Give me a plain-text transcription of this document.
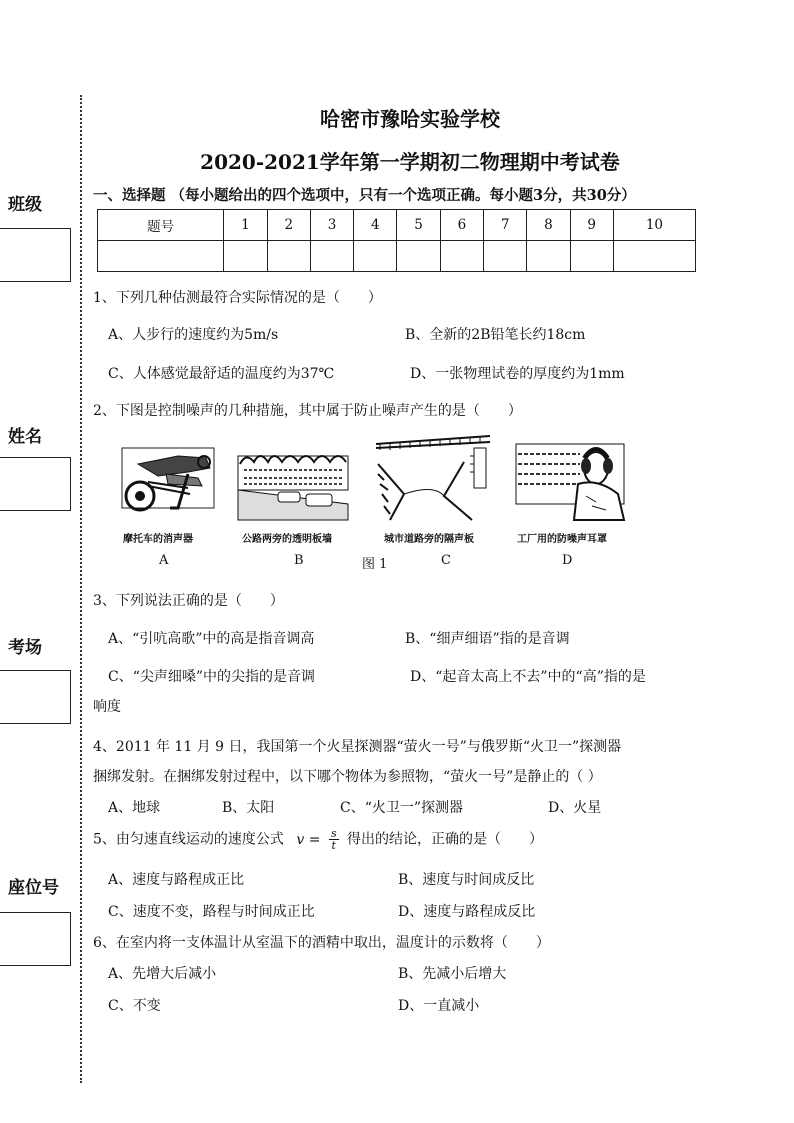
班级
姓名
考场
座位号
哈密市豫哈实验学校
2020-2021学年第一学期初二物理期中考试卷
一、选择题 （每小题给出的四个选项中，只有一个选项正确。每小题3分，共30分）
题号	1	2	3	4	5	6	7	8	9	10

1、下列几种估测最符合实际情况的是（　　）
A、人步行的速度约为5m/s	B、全新的2B铅笔长约18cm
C、人体感觉最舒适的温度约为37℃	D、一张物理试卷的厚度约为1mm
2、下图是控制噪声的几种措施，其中属于防止噪声产生的是（　　）
摩托车的消声器	公路两旁的透明板墙	城市道路旁的隔声板	工厂用的防噪声耳罩
A	B	图 1	C	D
3、下列说法正确的是（　　）
A、“引吭高歌”中的高是指音调高	B、“细声细语”指的是音调
C、“尖声细嗓”中的尖指的是音调	D、“起音太高上不去”中的“高”指的是
响度
4、2011 年 11 月 9 日，我国第一个火星探测器“萤火一号”与俄罗斯“火卫一”探测器
捆绑发射。在捆绑发射过程中，以下哪个物体为参照物，“萤火一号”是静止的（ ）
A、地球	B、太阳	C、“火卫一”探测器	D、火星
5、由匀速直线运动的速度公式 $v = \frac{s}{t}$ 得出的结论，正确的是（　　）
A、速度与路程成正比	B、速度与时间成反比
C、速度不变，路程与时间成正比	D、速度与路程成反比
6、在室内将一支体温计从室温下的酒精中取出，温度计的示数将（　　）
A、先增大后减小	B、先减小后增大
C、不变	D、一直减小
